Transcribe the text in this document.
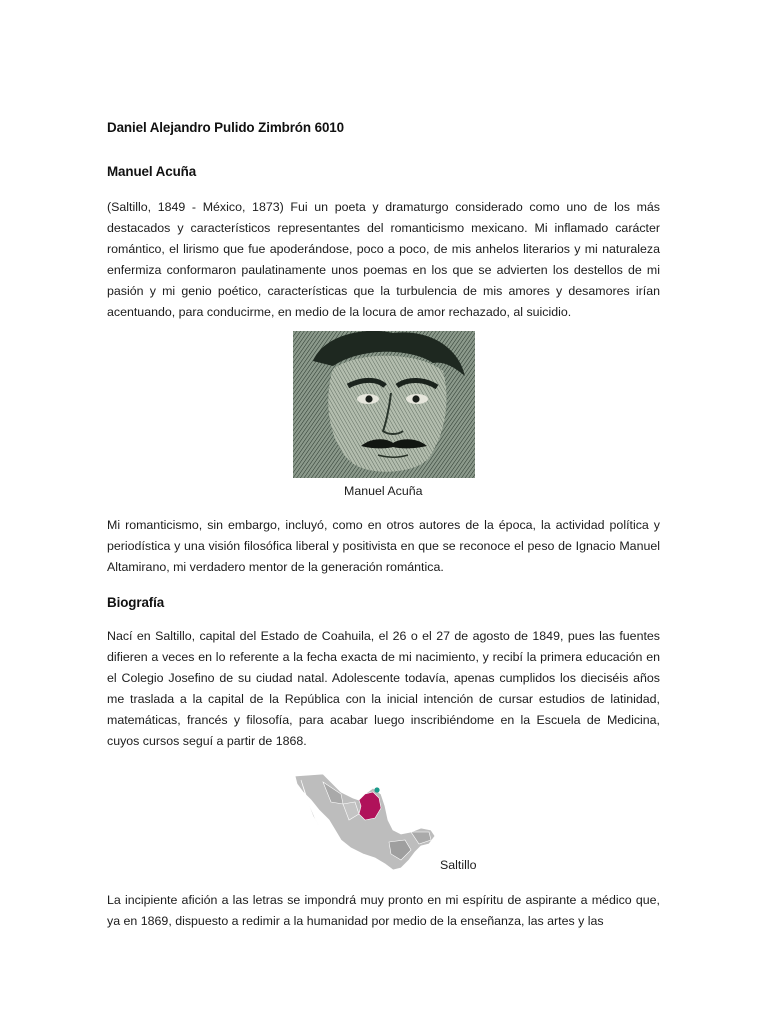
Daniel Alejandro Pulido Zimbrón 6010
Manuel Acuña
(Saltillo, 1849 - México, 1873) Fui un poeta y dramaturgo considerado como uno de los más destacados y característicos representantes del romanticismo mexicano. Mi inflamado carácter romántico, el lirismo que fue apoderándose, poco a poco, de mis anhelos literarios y mi naturaleza enfermiza conformaron paulatinamente unos poemas en los que se advierten los destellos de mi pasión y mi genio poético, características que la turbulencia de mis amores y desamores irían acentuando, para conducirme, en medio de la locura de amor rechazado, al suicidio.
Manuel Acuña
Mi romanticismo, sin embargo, incluyó, como en otros autores de la época, la actividad política y periodística y una visión filosófica liberal y positivista en que se reconoce el peso de Ignacio Manuel Altamirano, mi verdadero mentor de la generación romántica.
Biografía
Nací en Saltillo, capital del Estado de Coahuila, el 26 o el 27 de agosto de 1849, pues las fuentes difieren a veces en lo referente a la fecha exacta de mi nacimiento, y recibí la primera educación en el Colegio Josefino de su ciudad natal. Adolescente todavía, apenas cumplidos los dieciséis años me traslada a la capital de la República con la inicial intención de cursar estudios de latinidad, matemáticas, francés y filosofía, para acabar luego inscribiéndome en la Escuela de Medicina, cuyos cursos seguí a partir de 1868.
Saltillo
La incipiente afición a las letras se impondrá muy pronto en mi espíritu de aspirante a médico que, ya en 1869, dispuesto a redimir a la humanidad por medio de la enseñanza, las artes y las
